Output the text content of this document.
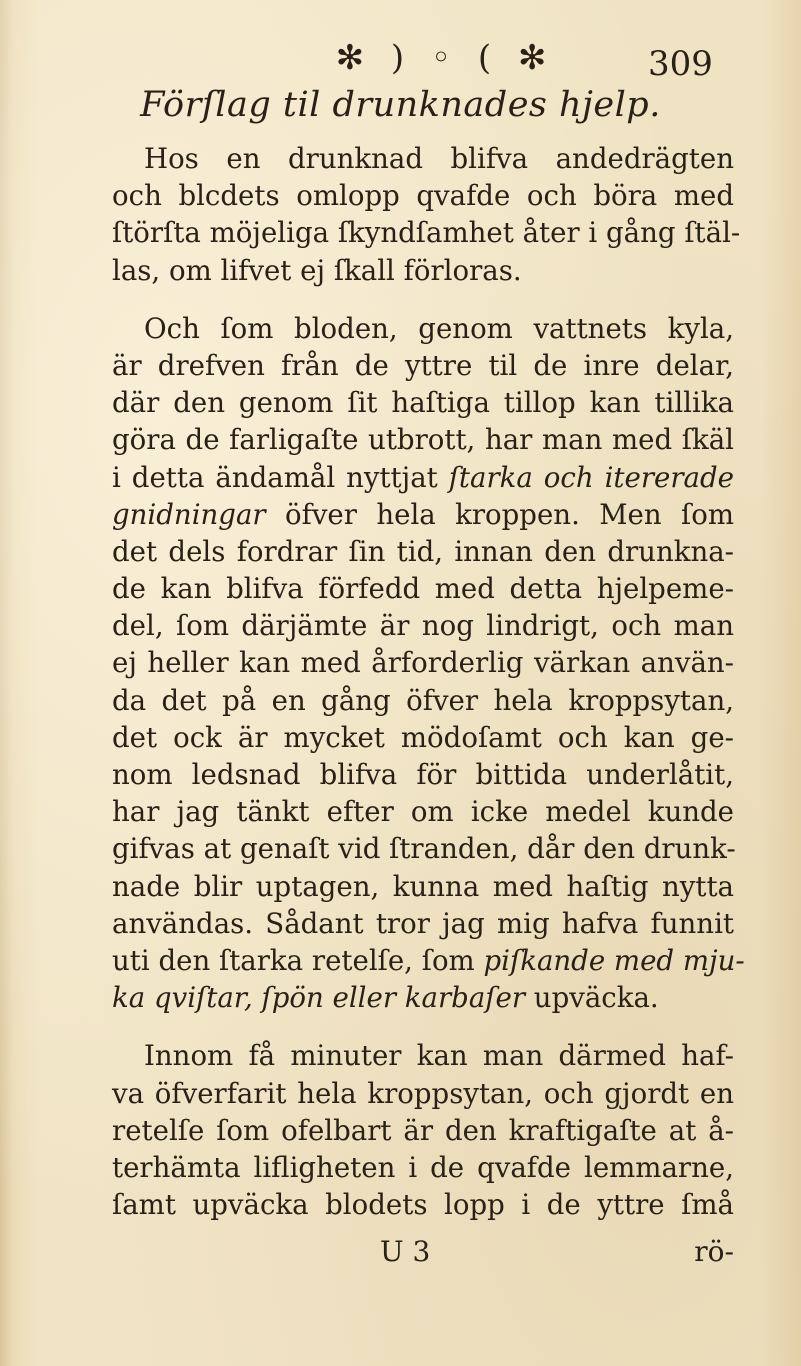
✻ ) ◦ ( ✻	309
Förſlag til drunknades hjelp.
Hos en drunknad blifva andedrägten
och blcdets omlopp qvafde och böra med
ſtörſta möjeliga ſkyndſamhet åter i gång ſtäl-
las, om lifvet ej ſkall förloras.
Och ſom bloden, genom vattnets kyla,
är drefven från de yttre til de inre delar,
där den genom ſit haſtiga tillop kan tillika
göra de farligaſte utbrott, har man med ſkäl
i detta ändamål nyttjat ſtarka och itererade
gnidningar öfver hela kroppen. Men ſom
det dels fordrar ſin tid, innan den drunkna-
de kan blifva förfedd med detta hjelpeme-
del, ſom därjämte är nog lindrigt, och man
ej heller kan med årforderlig värkan använ-
da det på en gång öfver hela kroppsytan,
det ock är mycket mödoſamt och kan ge-
nom ledsnad blifva för bittida underlåtit,
har jag tänkt efter om icke medel kunde
gifvas at genaſt vid ſtranden, dår den drunk-
nade blir uptagen, kunna med haſtig nytta
användas. Sådant tror jag mig hafva funnit
uti den ſtarka retelſe, ſom piſkande med mju-
ka qviſtar, ſpön eller karbaſer upväcka.
Innom få minuter kan man därmed haf-
va öfverfarit hela kroppsytan, och gjordt en
retelſe ſom ofelbart är den kraftigaſte at å-
terhämta lifligheten i de qvafde lemmarne,
ſamt upväcka blodets lopp i de yttre ſmå
U 3	rö-
